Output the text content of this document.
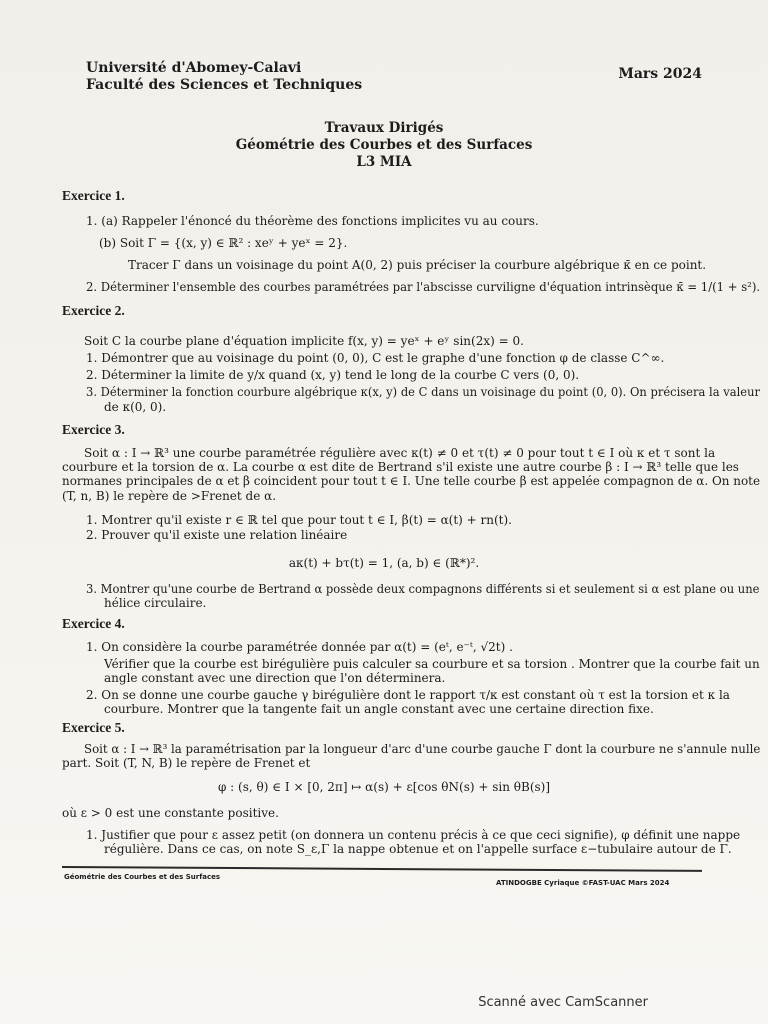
Université d'Abomey-Calavi
Faculté des Sciences et Techniques
Mars 2024
Travaux Dirigés
Géométrie des Courbes et des Surfaces
L3 MIA
Exercice 1.
1. (a) Rappeler l'énoncé du théorème des fonctions implicites vu au cours.
(b) Soit Γ = {(x, y) ∈ ℝ² : xeʸ + yeˣ = 2}.
Tracer Γ dans un voisinage du point A(0, 2) puis préciser la courbure algébrique κ̄ en ce point.
2. Déterminer l'ensemble des courbes paramétrées par l'abscisse curviligne d'équation intrinsèque κ̄ = 1/(1 + s²).
Exercice 2.
Soit C la courbe plane d'équation implicite f(x, y) = yeˣ + eʸ sin(2x) = 0.
1. Démontrer que au voisinage du point (0, 0), C est le graphe d'une fonction φ de classe C^∞.
2. Déterminer la limite de y/x quand (x, y) tend le long de la courbe C vers (0, 0).
3. Déterminer la fonction courbure algébrique κ(x, y) de C dans un voisinage du point (0, 0). On précisera la valeur
de κ(0, 0).
Exercice 3.
Soit α : I → ℝ³ une courbe paramétrée régulière avec κ(t) ≠ 0 et τ(t) ≠ 0 pour tout t ∈ I où κ et τ sont la
courbure et la torsion de α. La courbe α est dite de Bertrand s'il existe une autre courbe β : I → ℝ³ telle que les
normanes principales de α et β coincident pour tout t ∈ I. Une telle courbe β est appelée compagnon de α. On note
(T, n, B) le repère de >Frenet de α.
1. Montrer qu'il existe r ∈ ℝ tel que pour tout t ∈ I, β(t) = α(t) + rn(t).
2. Prouver qu'il existe une relation linéaire
aκ(t) + bτ(t) = 1, (a, b) ∈ (ℝ*)².
3. Montrer qu'une courbe de Bertrand α possède deux compagnons différents si et seulement si α est plane ou une
hélice circulaire.
Exercice 4.
1. On considère la courbe paramétrée donnée par α(t) = (eᵗ, e⁻ᵗ, √2t) .
Vérifier que la courbe est birégulière puis calculer sa courbure et sa torsion . Montrer que la courbe fait un
angle constant avec une direction que l'on déterminera.
2. On se donne une courbe gauche γ birégulière dont le rapport τ/κ est constant où τ est la torsion et κ la
courbure. Montrer que la tangente fait un angle constant avec une certaine direction fixe.
Exercice 5.
Soit α : I → ℝ³ la paramétrisation par la longueur d'arc d'une courbe gauche Γ dont la courbure ne s'annule nulle
part. Soit (T, N, B) le repère de Frenet et
φ : (s, θ) ∈ I × [0, 2π] ↦ α(s) + ε[cos θN(s) + sin θB(s)]
où ε > 0 est une constante positive.
1. Justifier que pour ε assez petit (on donnera un contenu précis à ce que ceci signifie), φ définit une nappe
régulière. Dans ce cas, on note S_ε,Γ la nappe obtenue et on l'appelle surface ε−tubulaire autour de Γ.
Géométrie des Courbes et des Surfaces
ATINDOGBE Cyriaque ©FAST-UAC Mars 2024
Scanné avec CamScanner
